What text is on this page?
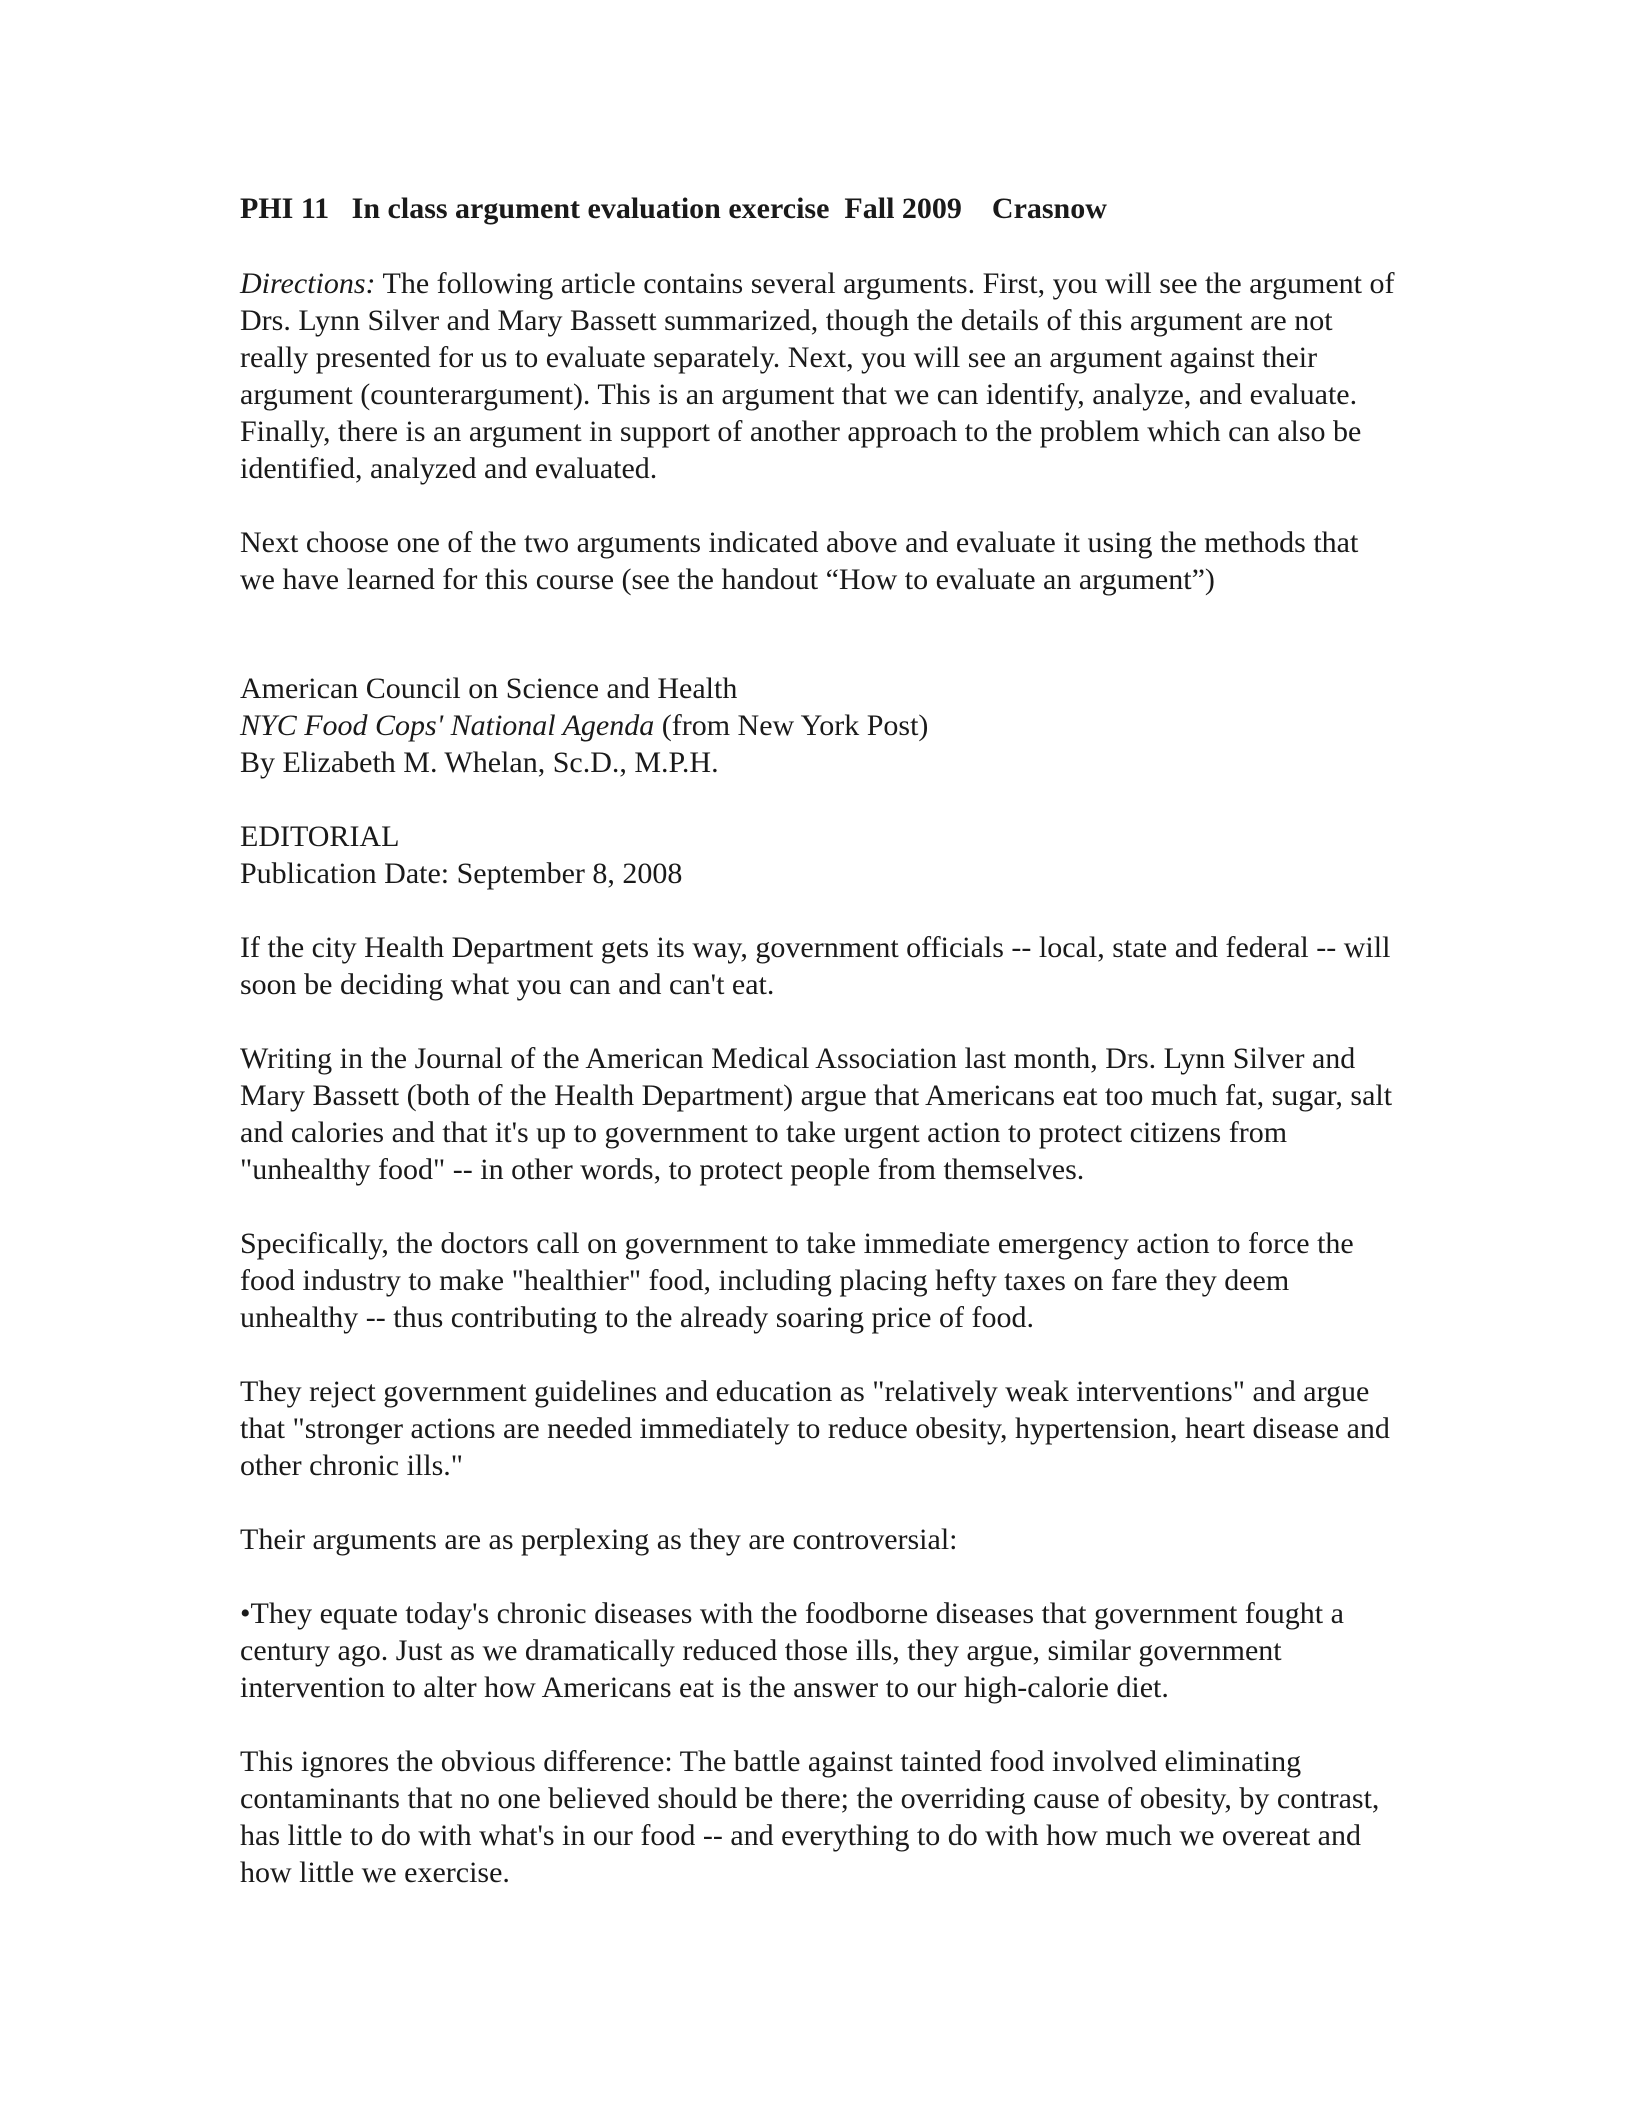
PHI 11   In class argument evaluation exercise  Fall 2009    Crasnow

Directions: The following article contains several arguments. First, you will see the argument of Drs. Lynn Silver and Mary Bassett summarized, though the details of this argument are not really presented for us to evaluate separately. Next, you will see an argument against their argument (counterargument). This is an argument that we can identify, analyze, and evaluate. Finally, there is an argument in support of another approach to the problem which can also be identified, analyzed and evaluated.

Next choose one of the two arguments indicated above and evaluate it using the methods that we have learned for this course (see the handout “How to evaluate an argument”)

American Council on Science and Health
NYC Food Cops' National Agenda (from New York Post)
By Elizabeth M. Whelan, Sc.D., M.P.H.
EDITORIAL
Publication Date: September 8, 2008

If the city Health Department gets its way, government officials -- local, state and federal -- will soon be deciding what you can and can't eat.

Writing in the Journal of the American Medical Association last month, Drs. Lynn Silver and Mary Bassett (both of the Health Department) argue that Americans eat too much fat, sugar, salt and calories and that it's up to government to take urgent action to protect citizens from "unhealthy food" -- in other words, to protect people from themselves.

Specifically, the doctors call on government to take immediate emergency action to force the food industry to make "healthier" food, including placing hefty taxes on fare they deem unhealthy -- thus contributing to the already soaring price of food.

They reject government guidelines and education as "relatively weak interventions" and argue that "stronger actions are needed immediately to reduce obesity, hypertension, heart disease and other chronic ills."

Their arguments are as perplexing as they are controversial:

•They equate today's chronic diseases with the foodborne diseases that government fought a century ago. Just as we dramatically reduced those ills, they argue, similar government intervention to alter how Americans eat is the answer to our high-calorie diet.

This ignores the obvious difference: The battle against tainted food involved eliminating contaminants that no one believed should be there; the overriding cause of obesity, by contrast, has little to do with what's in our food -- and everything to do with how much we overeat and how little we exercise.
